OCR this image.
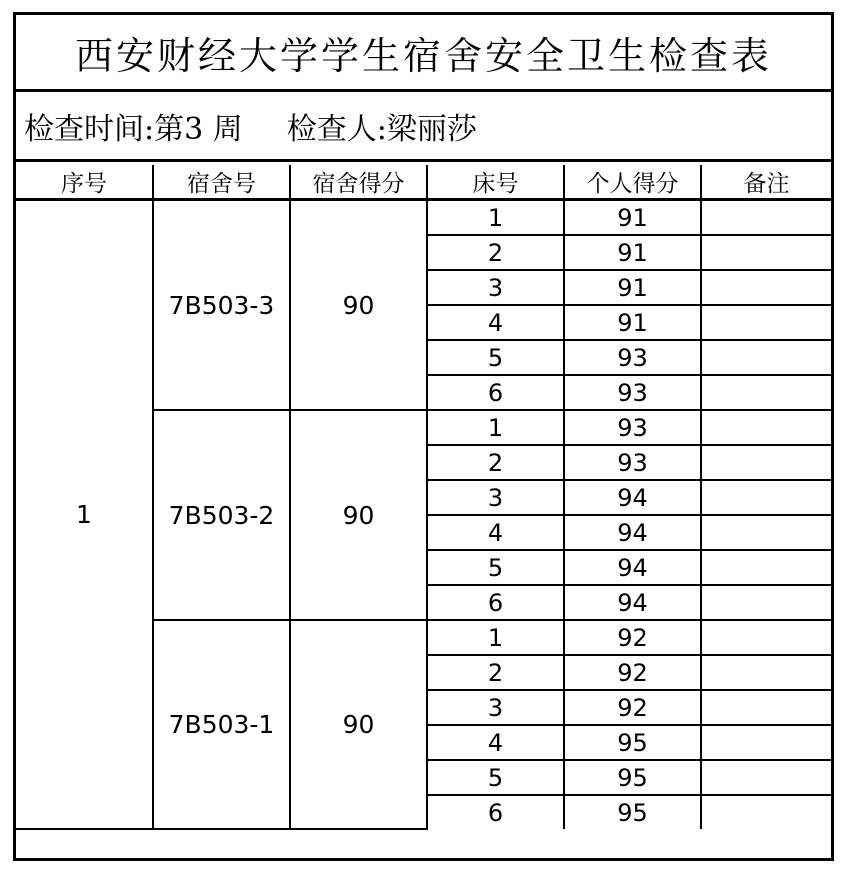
西安财经大学学生宿舍安全卫生检查表
检查时间:第3 周 检查人: 梁丽莎
序号	宿舍号	宿舍得分	床号	个人得分	备注
1	7B503-3	90	1	91	
			2	91	
			3	91	
			4	91	
			5	93	
			6	93	
	7B503-2	90	1	93	
			2	93	
			3	94	
			4	94	
			5	94	
			6	94	
	7B503-1	90	1	92	
			2	92	
			3	92	
			4	95	
			5	95	
			6	95	
